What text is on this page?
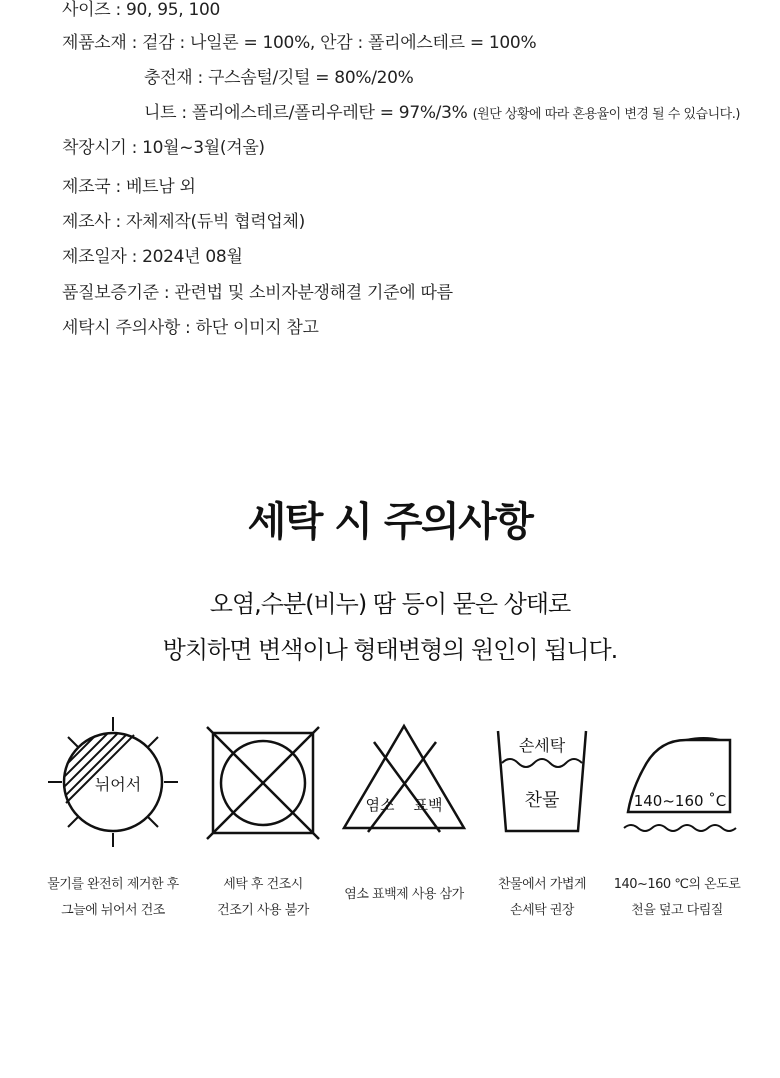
사이즈 : 90, 95, 100
제품소재 : 겉감 : 나일론 = 100%, 안감 : 폴리에스테르 = 100%
충전재 : 구스솜털/깃털 = 80%/20%
니트 : 폴리에스테르/폴리우레탄 = 97%/3% (원단 상황에 따라 혼용율이 변경 될 수 있습니다.)
착장시기 : 10월~3월(겨울)
제조국 : 베트남 외
제조사 : 자체제작(듀빅 협력업체)
제조일자 : 2024년 08월
품질보증기준 : 관련법 및 소비자분쟁해결 기준에 따름
세탁시 주의사항 : 하단 이미지 참고
세탁 시 주의사항
오염,수분(비누) 땀 등이 묻은 상태로
방치하면 변색이나 형태변형의 원인이 됩니다.
뉘어서
염소 표백
손세탁
찬물	140~160 ˚C
물기를 완전히 제거한 후
그늘에 뉘어서 건조
세탁 후 건조시
건조기 사용 불가
염소 표백제 사용 삼가
찬물에서 가볍게
손세탁 권장
140~160 ℃의 온도로
천을 덮고 다림질
